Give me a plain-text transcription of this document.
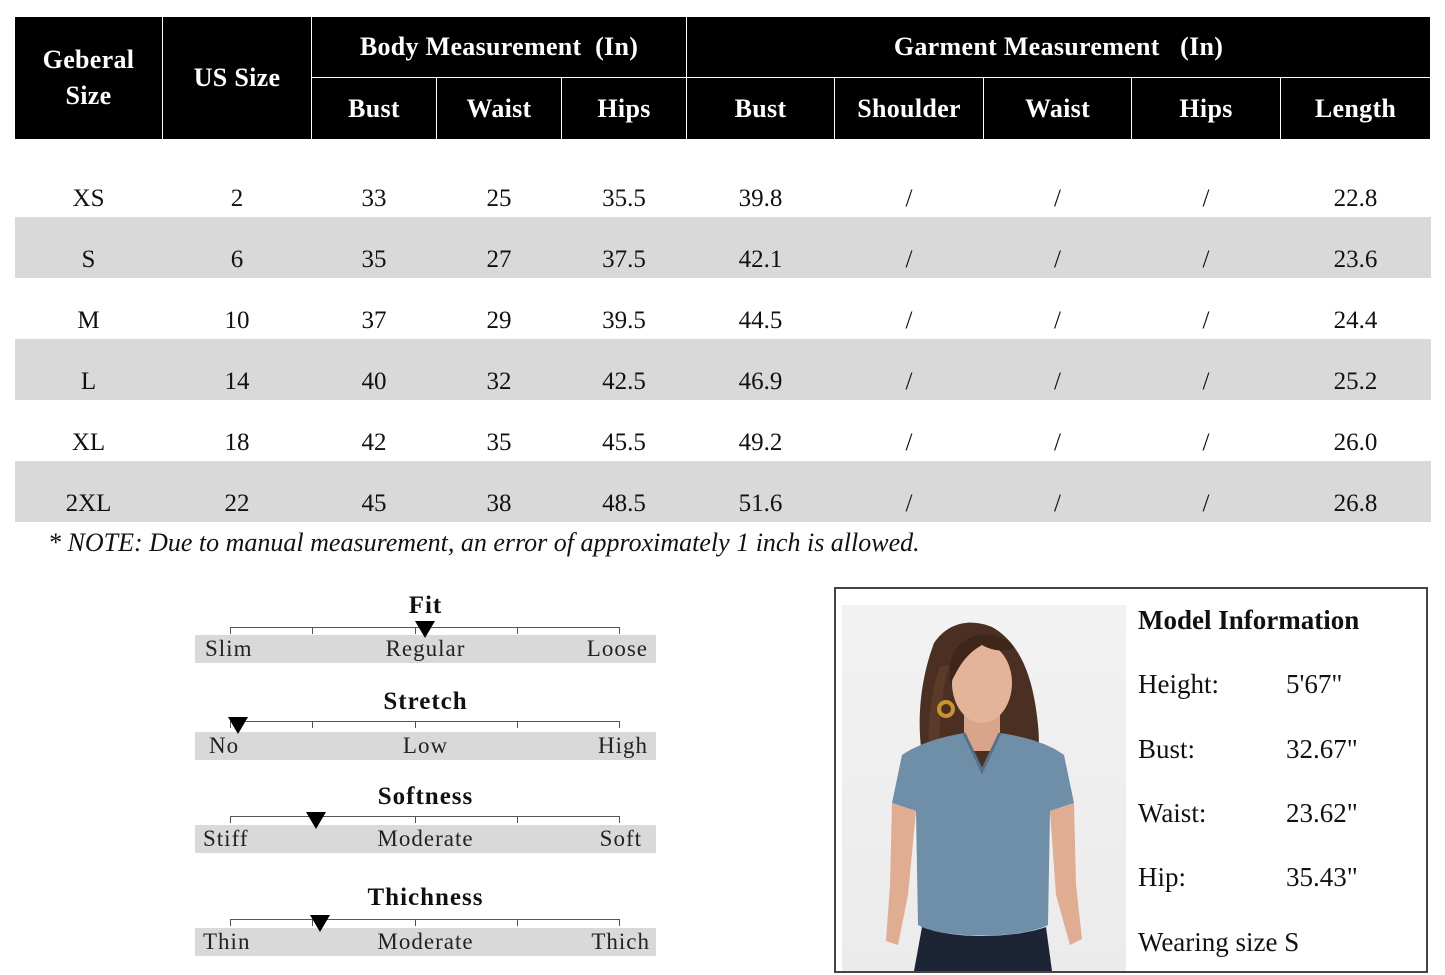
Geberal Size	US Size	Body Measurement  (In)			Garment Measurement   (In)				
		Bust	Waist	Hips	Bust	Shoulder	Waist	Hips	Length

XS	2	33	25	35.5	39.8	/	/	/	22.8
S	6	35	27	37.5	42.1	/	/	/	23.6
M	10	37	29	39.5	44.5	/	/	/	24.4
L	14	40	32	42.5	46.9	/	/	/	25.2
XL	18	42	35	45.5	49.2	/	/	/	26.0
2XL	22	45	38	48.5	51.6	/	/	/	26.8
* NOTE: Due to manual measurement, an error of approximately 1 inch is allowed.
Fit
Slim	Regular	Loose
Stretch
No	Low	High
Softness
Stiff	Moderate	Soft
Thichness
Thin	Moderate	Thich
Model Information
Height: 5'67"
Bust:	32.67"
Waist:	23.62"
Hip:	35.43"
Wearing size S
